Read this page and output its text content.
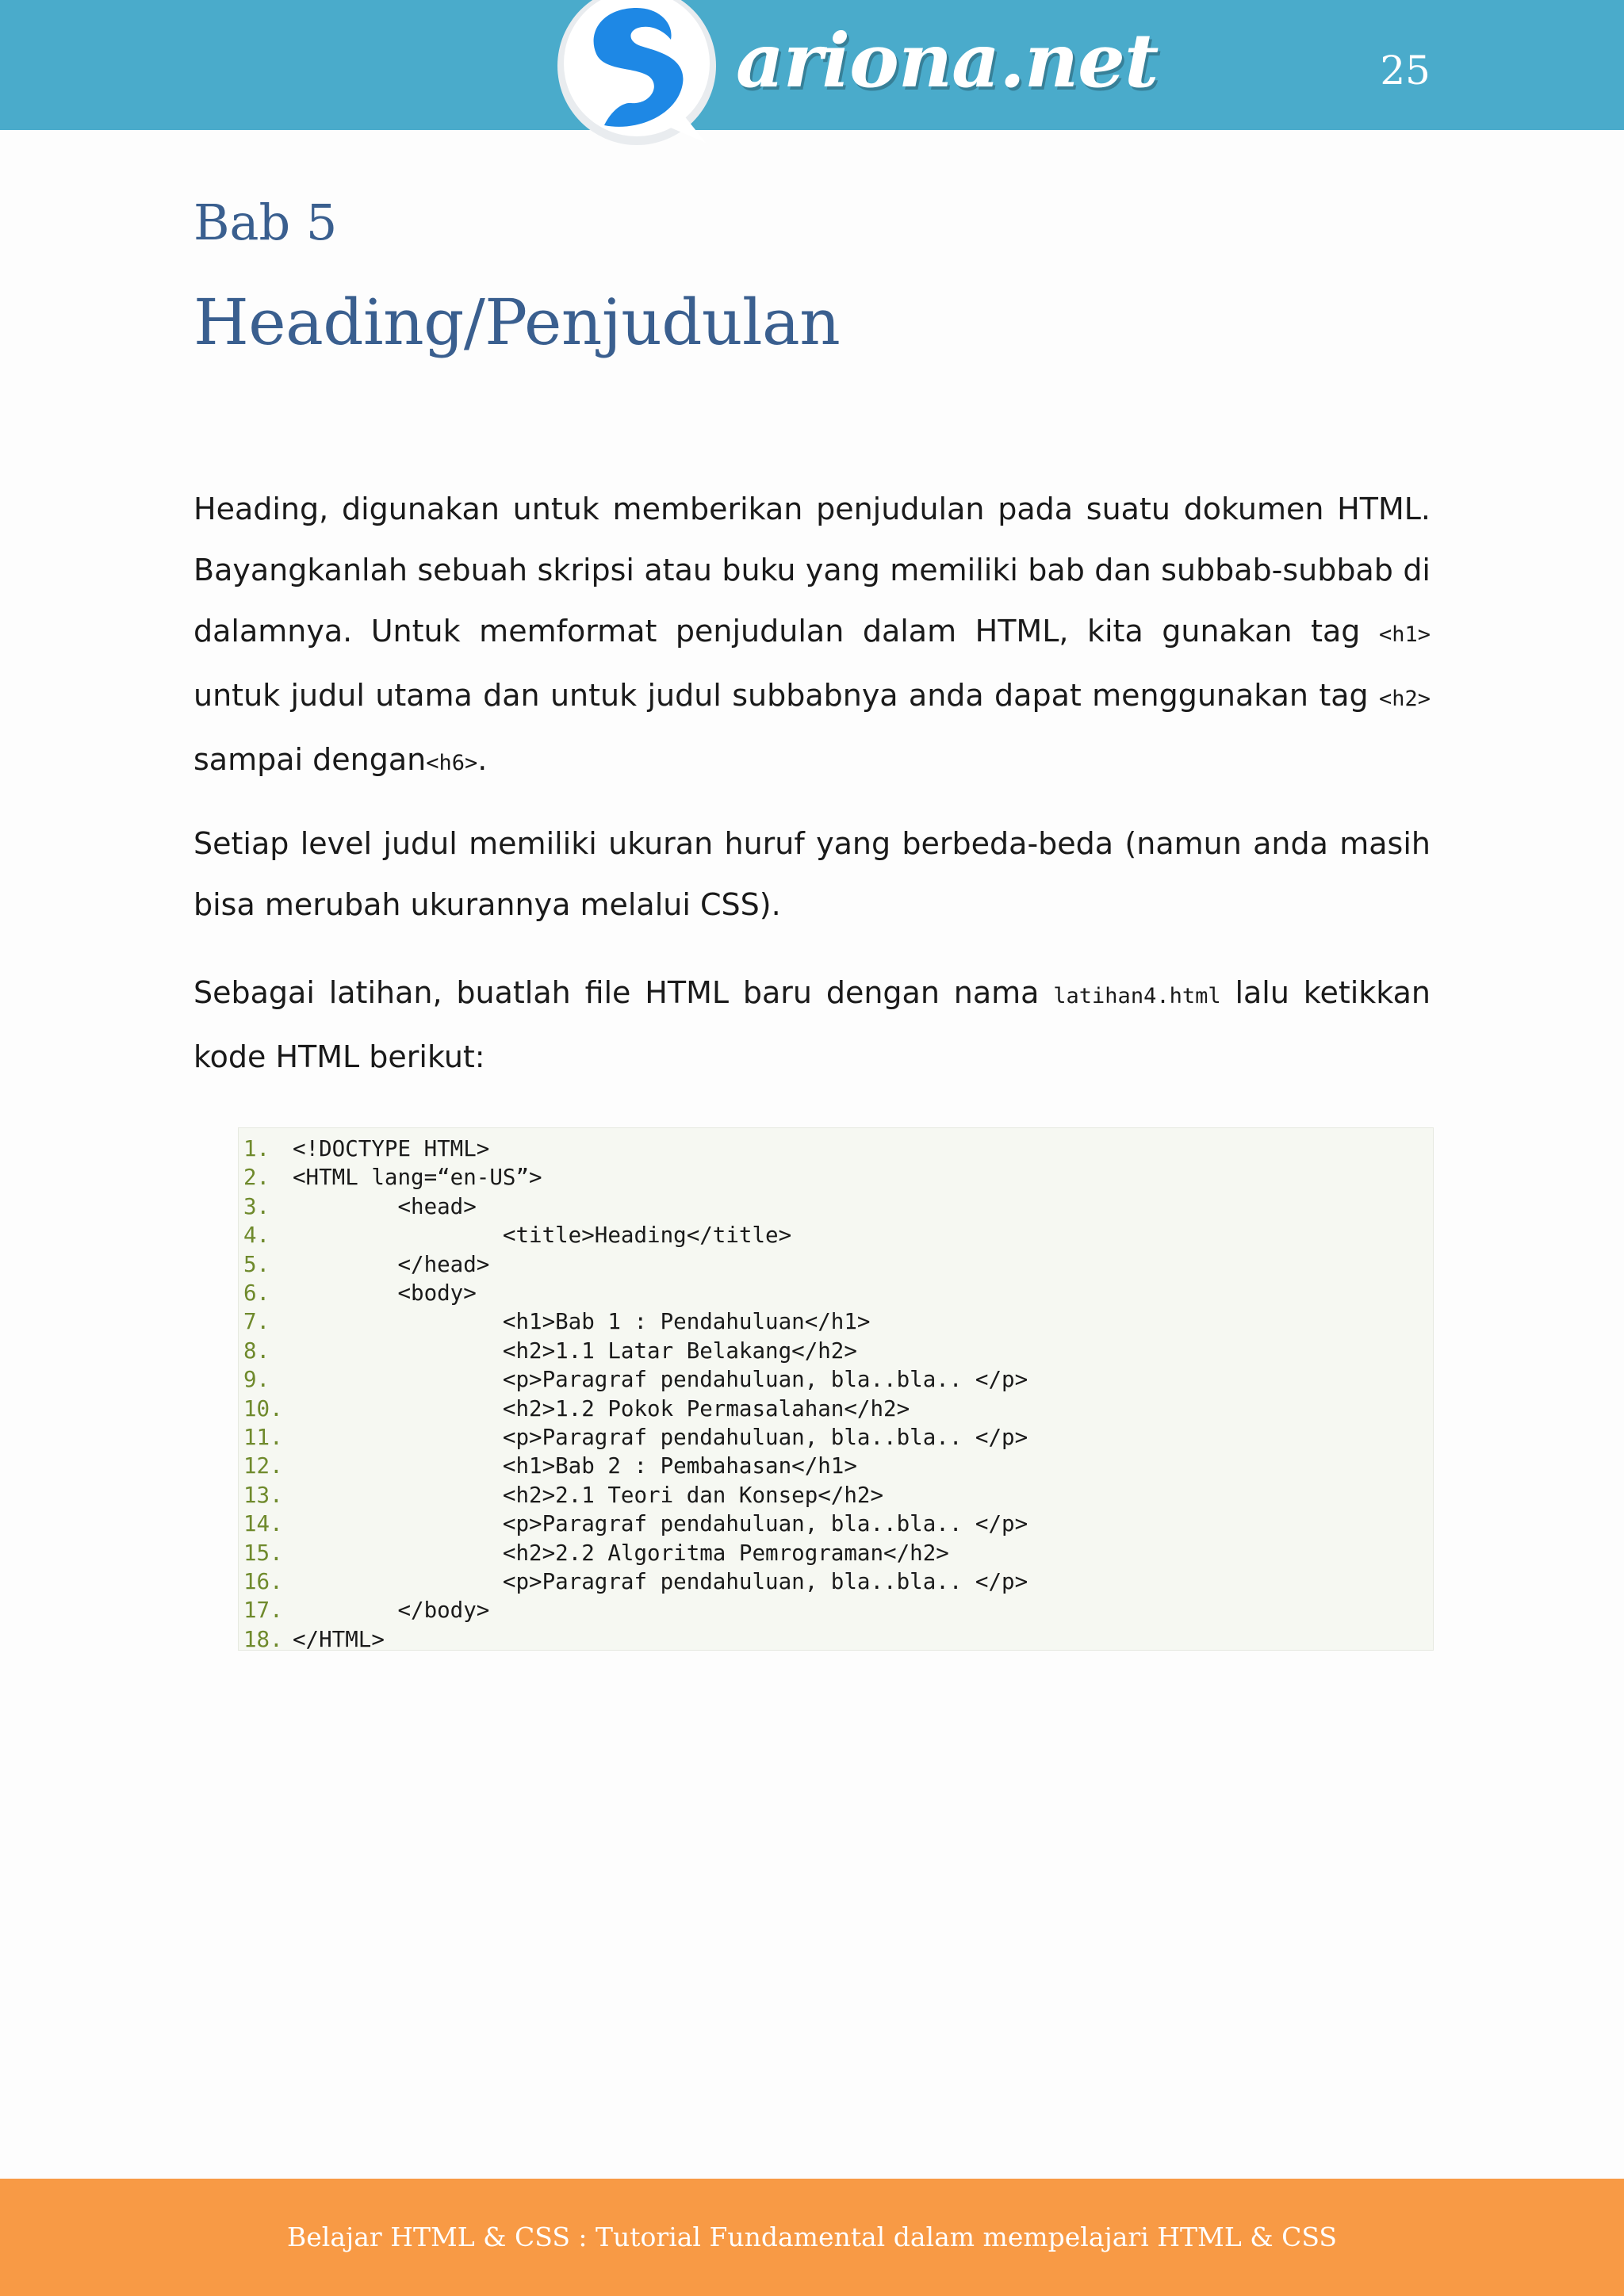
ariona.net	25
Bab 5
Heading/Penjudulan

Heading, digunakan untuk memberikan penjudulan pada suatu dokumen HTML. Bayangkanlah sebuah skripsi atau buku yang memiliki bab dan subbab-subbab di dalamnya. Untuk memformat penjudulan dalam HTML, kita gunakan tag <h1> untuk judul utama dan untuk judul subbabnya anda dapat menggunakan tag <h2> sampai dengan<h6>.

Setiap level judul memiliki ukuran huruf yang berbeda-beda (namun anda masih bisa merubah ukurannya melalui CSS).

Sebagai latihan, buatlah file HTML baru dengan nama latihan4.html lalu ketikkan kode HTML berikut:

1. <!DOCTYPE HTML>
2. <HTML lang=“en-US”>
3. <head>
4. <title>Heading</title>
5. </head>
6. <body>
7. <h1>Bab 1 : Pendahuluan</h1>
8. <h2>1.1 Latar Belakang</h2>
9. <p>Paragraf pendahuluan, bla..bla.. </p>
10. <h2>1.2 Pokok Permasalahan</h2>
11. <p>Paragraf pendahuluan, bla..bla.. </p>
12. <h1>Bab 2 : Pembahasan</h1>
13. <h2>2.1 Teori dan Konsep</h2>
14. <p>Paragraf pendahuluan, bla..bla.. </p>
15. <h2>2.2 Algoritma Pemrograman</h2>
16. <p>Paragraf pendahuluan, bla..bla.. </p>
17. </body>
18. </HTML>
Belajar HTML & CSS : Tutorial Fundamental dalam mempelajari HTML & CSS
